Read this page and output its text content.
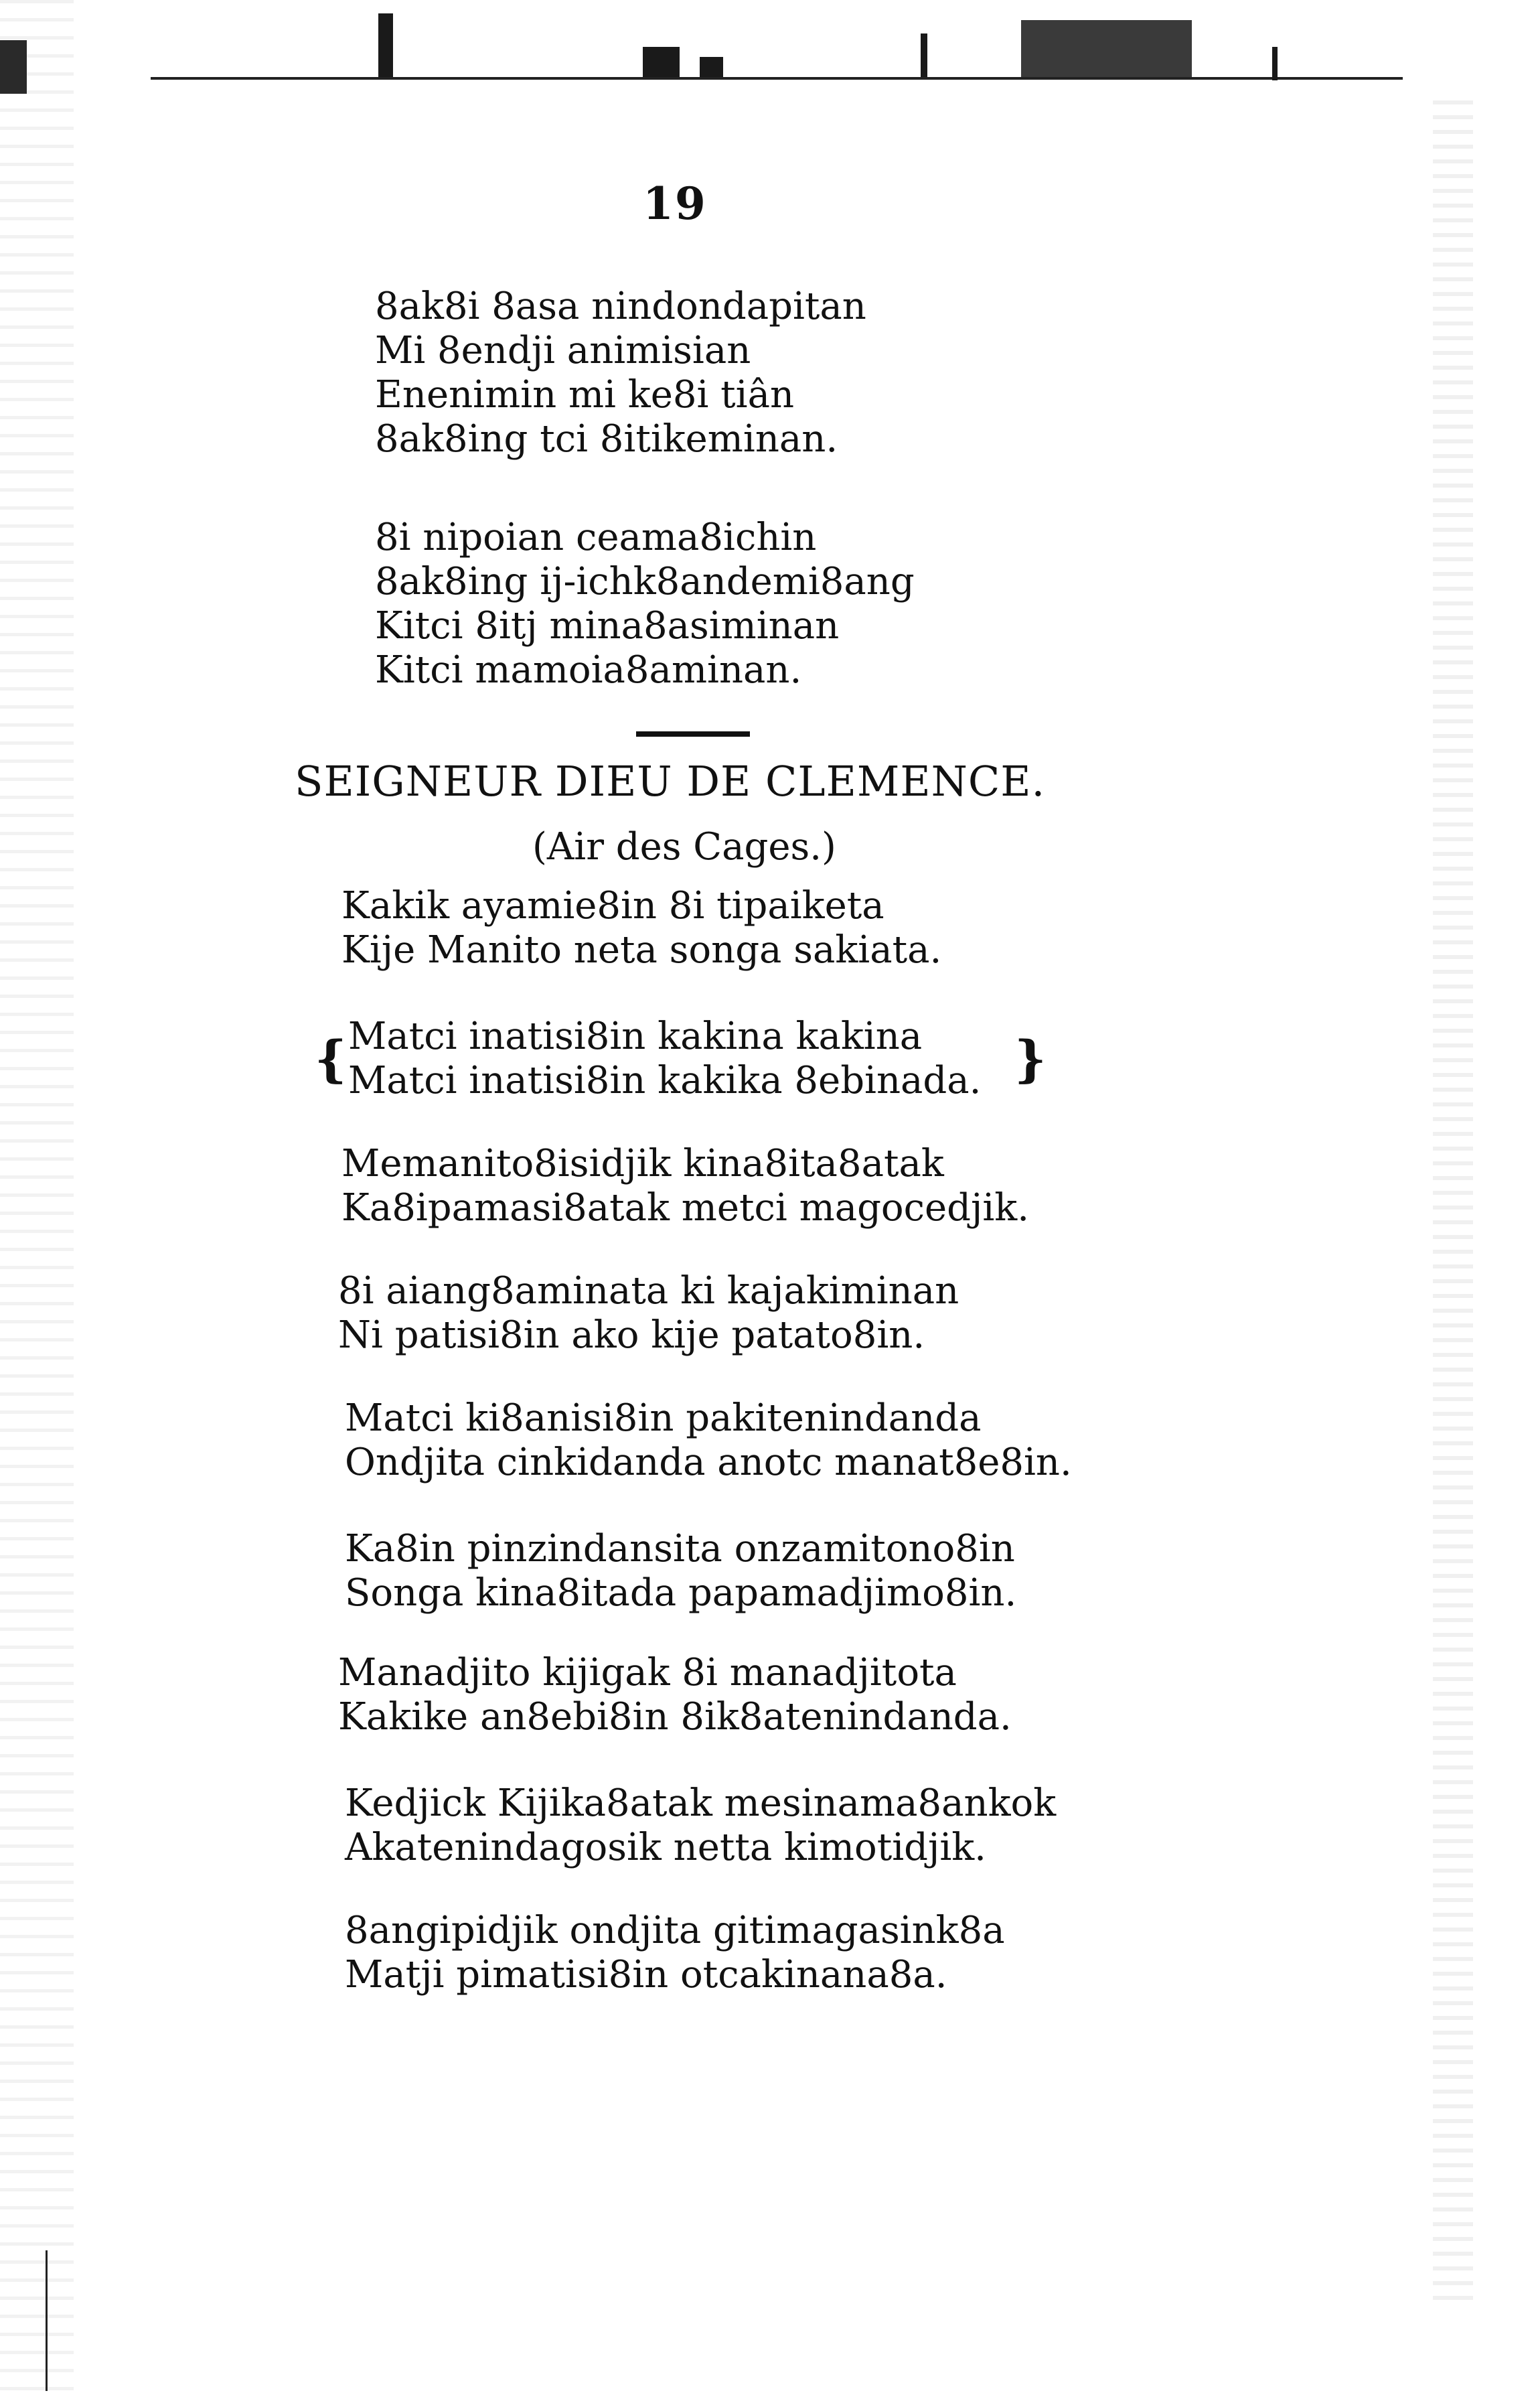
19
8ak8i 8asa nindondapitan
Mi 8endji animisian
Enenimin mi ke8i tiân
8ak8ing tci 8itikeminan.
8i nipoian ceama8ichin
8ak8ing ij-ichk8andemi8ang
Kitci 8itj mina8asiminan
Kitci mamoia8aminan.
SEIGNEUR DIEU DE CLEMENCE.
(Air des Cages.)
Kakik ayamie8in 8i tipaiketa
Kije Manito neta songa sakiata.
{ Matci inatisi8in kakina kakina
Matci inatisi8in kakika 8ebinada. }
Memanito8isidjik kina8ita8atak
Ka8ipamasi8atak metci magocedjik.
8i aiang8aminata ki kajakiminan
Ni patisi8in ako kije patato8in.
Matci ki8anisi8in pakitenindanda
Ondjita cinkidanda anotc manat8e8in.
Ka8in pinzindansita onzamitono8in
Songa kina8itada papamadjimo8in.
Manadjito kijigak 8i manadjitota
Kakike an8ebi8in 8ik8atenindanda.
Kedjick Kijika8atak mesinama8ankok
Akatenindagosik netta kimotidjik.
8angipidjik ondjita gitimagasink8a
Matji pimatisi8in otcakinana8a.
